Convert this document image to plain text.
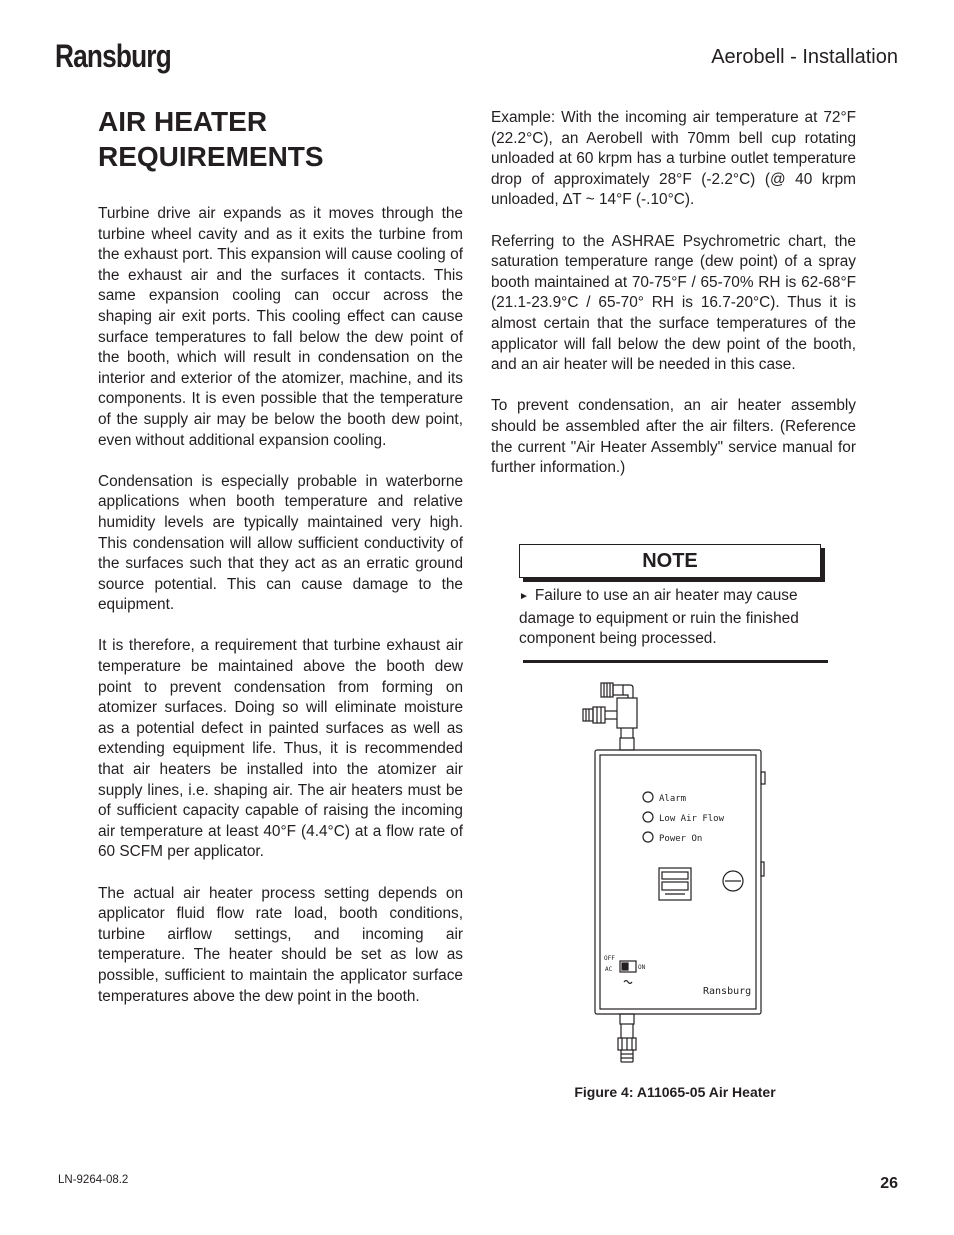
Ransburg	Aerobell - Installation
AIR HEATER REQUIREMENTS

Turbine drive air expands as it moves through the turbine wheel cavity and as it exits the turbine from the exhaust port. This expansion will cause cooling of the exhaust air and the surfaces it contacts. This same expansion cooling can occur across the shaping air exit ports. This cooling effect can cause surface temperatures to fall below the dew point of the booth, which will result in condensation on the interior and exterior of the atomizer, machine, and its components. It is even possible that the temperature of the supply air may be below the booth dew point, even without additional expansion cooling.

Condensation is especially probable in waterborne applications when booth temperature and relative humidity levels are typically maintained very high. This condensation will allow sufficient conductivity of the surfaces such that they act as an erratic ground source potential. This can cause damage to the equipment.

It is therefore, a requirement that turbine exhaust air temperature be maintained above the booth dew point to prevent condensation from forming on atomizer surfaces. Doing so will eliminate moisture as a potential defect in painted surfaces as well as extending equipment life. Thus, it is recommended that air heaters be installed into the atomizer air supply lines, i.e. shaping air. The air heaters must be of sufficient capacity capable of raising the incoming air temperature at least 40°F (4.4°C) at a flow rate of 60 SCFM per applicator.

The actual air heater process setting depends on applicator fluid flow rate load, booth conditions, turbine airflow settings, and incoming air temperature. The heater should be set as low as possible, sufficient to maintain the applicator surface temperatures above the dew point in the booth.

Example: With the incoming air temperature at 72°F (22.2°C), an Aerobell with 70mm bell cup rotating unloaded at 60 krpm has a turbine outlet temperature drop of approximately 28°F (-2.2°C) (@ 40 krpm unloaded, ∆T ~ 14°F (-.10°C).

Referring to the ASHRAE Psychrometric chart, the saturation temperature range (dew point) of a spray booth maintained at 70-75°F / 65-70% RH is 62-68°F (21.1-23.9°C / 65-70° RH is 16.7-20°C). Thus it is almost certain that the surface temperatures of the applicator will fall below the dew point of the booth, and an air heater will be needed in this case.

To prevent condensation, an air heater assembly should be assembled after the air filters. (Reference the current "Air Heater Assembly" service manual for further information.)

NOTE
► Failure to use an air heater may cause damage to equipment or ruin the finished component being processed.
Alarm
Low Air Flow
Power On
OFF
AC	ON
Ransburg
Figure 4: A11065-05 Air Heater
LN-9264-08.2	26
